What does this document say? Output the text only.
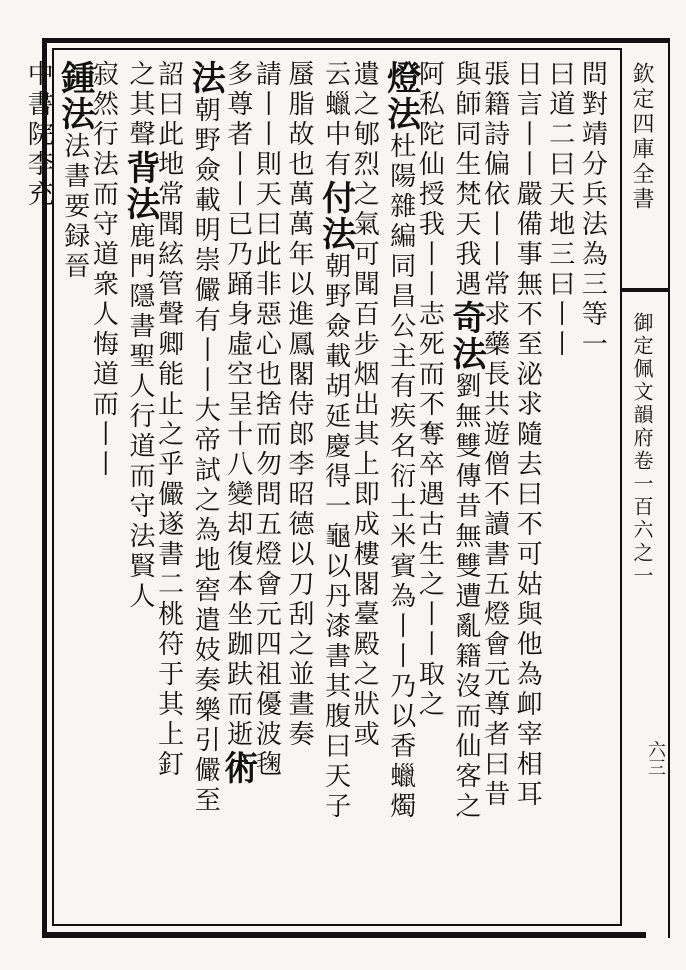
欽定四庫全書
御定佩文韻府卷一百六之一
六三
問對靖分兵法為三等一
曰道二曰天地三曰丨丨
日言丨丨嚴備事無不至泌求隨去曰不可姑與他為卹宰相耳
張籍詩偏依丨丨常求藥長共遊僧不讀書五燈會元尊者曰昔
與師同生梵天我遇奇法劉無雙傳昔無雙遭亂籍沒而仙客之
阿私陀仙授我丨丨志死而不奪卒遇古生之丨丨取之
燈法杜陽雜編同昌公主有疾名衍士米賓為丨丨乃以香蠟燭
遺之郇烈之氣可聞百步烟出其上即成樓閣臺殿之狀或
云蠟中有付法朝野僉載胡延慶得一龜以丹漆書其腹曰天子
蜃脂故也萬萬年以進鳳閣侍郎李昭德以刀刮之並晝奏
請丨丨則天曰此非惡心也捨而勿問五燈會元四祖優波毱
多尊者丨丨已乃踊身虛空呈十八變却復本坐跏趺而逝術
法朝野僉載明崇儼有丨丨大帝試之為地窖遣妓奏樂引儼至
詔曰此地常聞絃管聲卿能止之乎儼遂書二桃符于其上釘
之其聲背法鹿門隱書聖人行道而守法賢人
寂然行法而守道衆人悔道而丨丨
鍾法法書要録晉
中書院李充
